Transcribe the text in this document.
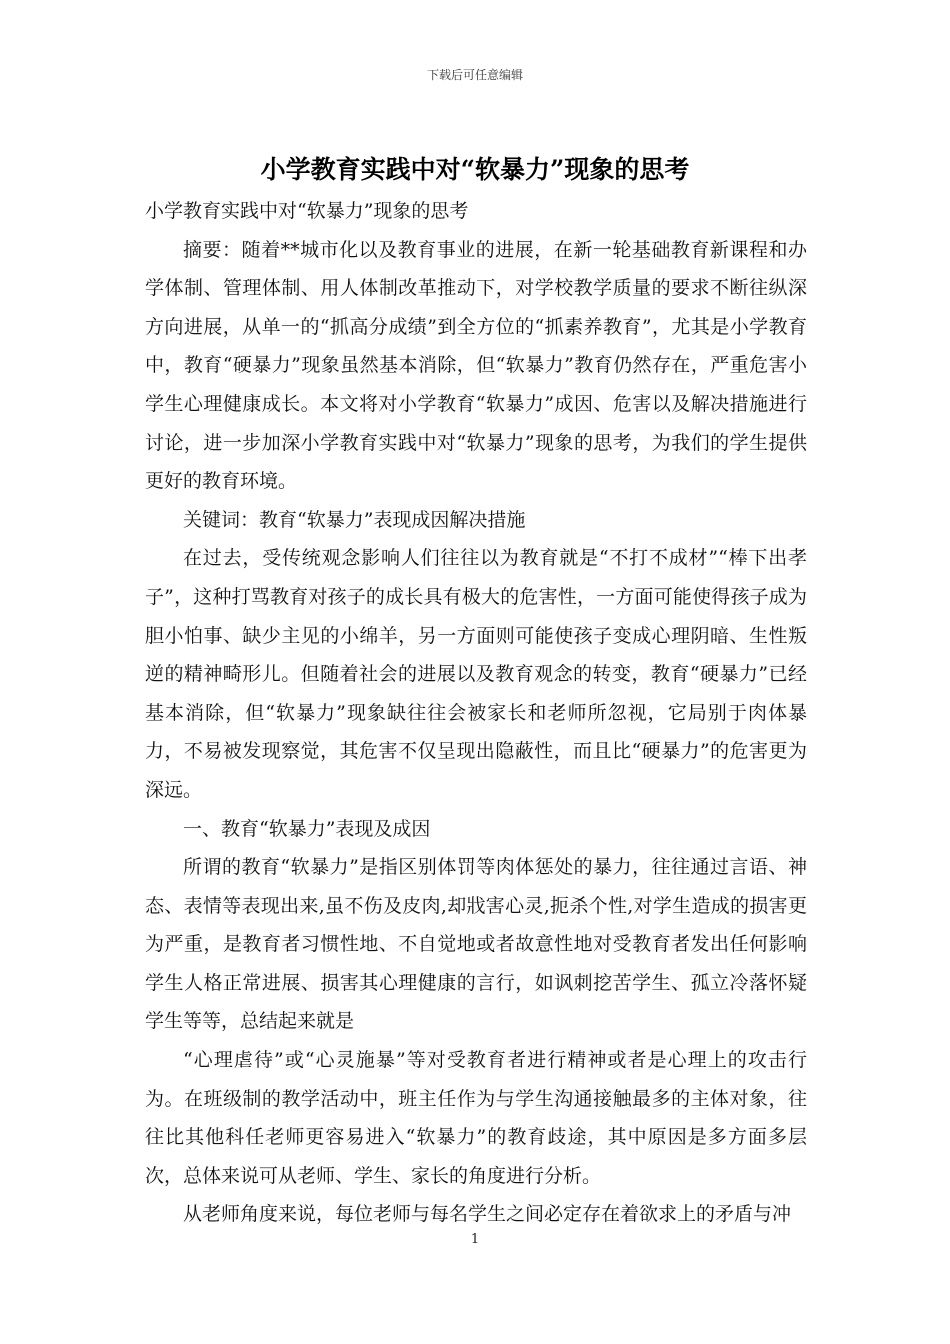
下载后可任意编辑
小学教育实践中对“软暴力”现象的思考

小学教育实践中对“软暴力”现象的思考

摘要：随着**城市化以及教育事业的进展，在新一轮基础教育新课程和办学体制、管理体制、用人体制改革推动下，对学校教学质量的要求不断往纵深方向进展，从单一的“抓高分成绩”到全方位的“抓素养教育”，尤其是小学教育中，教育“硬暴力”现象虽然基本消除，但“软暴力”教育仍然存在，严重危害小学生心理健康成长。本文将对小学教育“软暴力”成因、危害以及解决措施进行讨论，进一步加深小学教育实践中对“软暴力”现象的思考，为我们的学生提供更好的教育环境。

关键词：教育“软暴力”表现成因解决措施

在过去，受传统观念影响人们往往以为教育就是“不打不成材”“棒下出孝子”，这种打骂教育对孩子的成长具有极大的危害性，一方面可能使得孩子成为胆小怕事、缺少主见的小绵羊，另一方面则可能使孩子变成心理阴暗、生性叛逆的精神畸形儿。但随着社会的进展以及教育观念的转变，教育“硬暴力”已经基本消除，但“软暴力”现象缺往往会被家长和老师所忽视，它局别于肉体暴力，不易被发现察觉，其危害不仅呈现出隐蔽性，而且比“硬暴力”的危害更为深远。

一、教育“软暴力”表现及成因

所谓的教育“软暴力”是指区别体罚等肉体惩处的暴力，往往通过言语、神态、表情等表现出来,虽不伤及皮肉,却戕害心灵,扼杀个性,对学生造成的损害更为严重，是教育者习惯性地、不自觉地或者故意性地对受教育者发出任何影响学生人格正常进展、损害其心理健康的言行，如讽刺挖苦学生、孤立冷落怀疑学生等等，总结起来就是

“心理虐待”或“心灵施暴”等对受教育者进行精神或者是心理上的攻击行为。在班级制的教学活动中，班主任作为与学生沟通接触最多的主体对象，往往比其他科任老师更容易进入“软暴力”的教育歧途，其中原因是多方面多层次，总体来说可从老师、学生、家长的角度进行分析。

从老师角度来说，每位老师与每名学生之间必定存在着欲求上的矛盾与冲

1
